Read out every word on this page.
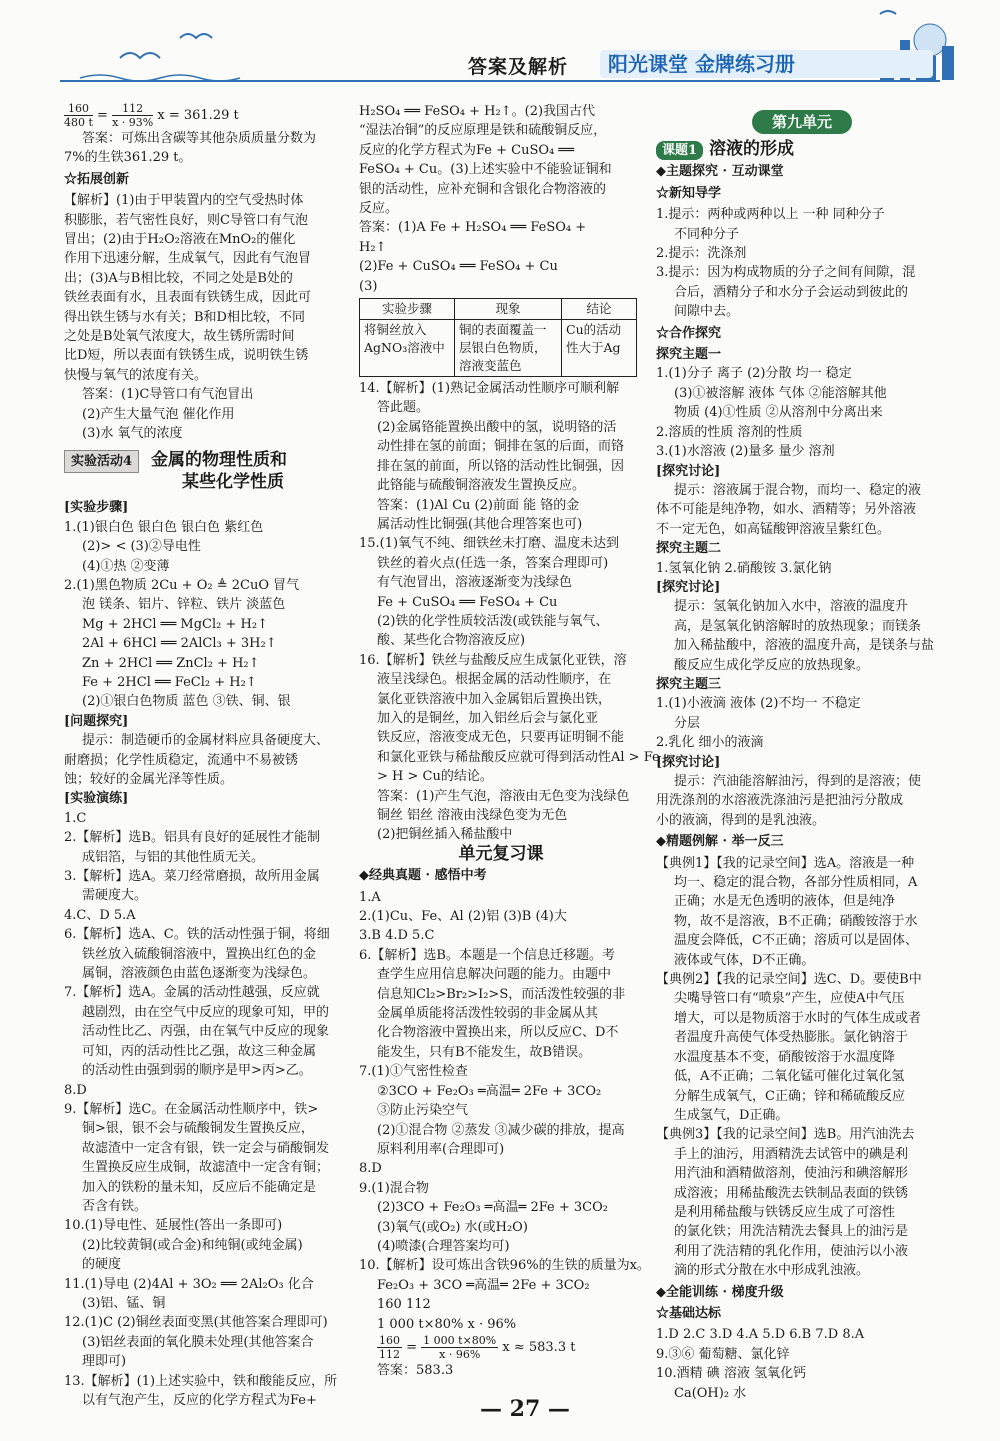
答案及解析	阳光课堂 金牌练习册
$\frac{160}{480 t} = \frac{112}{x \cdot 93\%}$ x = 361.29 t
答案：可炼出含碳等其他杂质质量分数为
7%的生铁361.29 t。
☆拓展创新
【解析】(1)由于甲装置内的空气受热时体
积膨胀，若气密性良好，则C导管口有气泡
冒出；(2)由于H₂O₂溶液在MnO₂的催化
作用下迅速分解，生成氧气，因此有气泡冒
出；(3)A与B相比较，不同之处是B处的
铁丝表面有水，且表面有铁锈生成，因此可
得出铁生锈与水有关；B和D相比较，不同
之处是B处氧气浓度大，故生锈所需时间
比D短，所以表面有铁锈生成，说明铁生锈
快慢与氧气的浓度有关。
答案：(1)C导管口有气泡冒出
(2)产生大量气泡 催化作用
(3)水 氧气的浓度
实验活动4 金属的物理性质和
某些化学性质
[实验步骤]
1.(1)银白色 银白色 银白色 紫红色
(2)> < (3)②导电性
(4)①热 ②变薄
2.(1)黑色物质 2Cu + O₂ ≜ 2CuO 冒气
泡 镁条、铝片、锌粒、铁片 淡蓝色
Mg + 2HCl ══ MgCl₂ + H₂↑
2Al + 6HCl ══ 2AlCl₃ + 3H₂↑
Zn + 2HCl ══ ZnCl₂ + H₂↑
Fe + 2HCl ══ FeCl₂ + H₂↑
(2)①银白色物质 蓝色 ③铁、铜、银
[问题探究]
提示：制造硬币的金属材料应具备硬度大、
耐磨损；化学性质稳定，流通中不易被锈
蚀；较好的金属光泽等性质。
[实验演练]
1.C
2.【解析】选B。铝具有良好的延展性才能制
成铝箔，与铝的其他性质无关。
3.【解析】选A。菜刀经常磨损，故所用金属
需硬度大。
4.C、D 5.A
6.【解析】选A、C。铁的活动性强于铜，将细
铁丝放入硫酸铜溶液中，置换出红色的金
属铜，溶液颜色由蓝色逐渐变为浅绿色。
7.【解析】选A。金属的活动性越强，反应就
越剧烈，由在空气中反应的现象可知，甲的
活动性比乙、丙强，由在氧气中反应的现象
可知，丙的活动性比乙强，故这三种金属
的活动性由强到弱的顺序是甲>丙>乙。
8.D
9.【解析】选C。在金属活动性顺序中，铁>
铜>银，银不会与硫酸铜发生置换反应，
故滤渣中一定含有银，铁一定会与硝酸铜发
生置换反应生成铜，故滤渣中一定含有铜；
加入的铁粉的量未知，反应后不能确定是
否含有铁。
10.(1)导电性、延展性(答出一条即可)
(2)比较黄铜(或合金)和纯铜(或纯金属)
的硬度
11.(1)导电 (2)4Al + 3O₂ ══ 2Al₂O₃ 化合
(3)铝、锰、铜
12.(1)C (2)铜丝表面变黑(其他答案合理即可)
(3)铝丝表面的氧化膜未处理(其他答案合
理即可)
13.【解析】(1)上述实验中，铁和酸能反应，所
以有气泡产生，反应的化学方程式为Fe+
H₂SO₄ ══ FeSO₄ + H₂↑。(2)我国古代
“湿法冶铜”的反应原理是铁和硫酸铜反应，
反应的化学方程式为Fe + CuSO₄ ══
FeSO₄ + Cu。(3)上述实验中不能验证铜和
银的活动性，应补充铜和含银化合物溶液的
反应。
答案：(1)A Fe + H₂SO₄ ══ FeSO₄ +
H₂↑
(2)Fe + CuSO₄ ══ FeSO₄ + Cu
(3)
实验步骤	现象	结论
将铜丝放入AgNO₃溶液中	铜的表面覆盖一层银白色物质，溶液变蓝色	Cu的活动性大于Ag
14.【解析】(1)熟记金属活动性顺序可顺利解
答此题。
(2)金属铬能置换出酸中的氢，说明铬的活
动性排在氢的前面；铜排在氢的后面，而铬
排在氢的前面，所以铬的活动性比铜强，因
此铬能与硫酸铜溶液发生置换反应。
答案：(1)Al Cu (2)前面 能 铬的金
属活动性比铜强(其他合理答案也可)
15.(1)氧气不纯、细铁丝未打磨、温度未达到
铁丝的着火点(任选一条，答案合理即可)
有气泡冒出，溶液逐渐变为浅绿色
Fe + CuSO₄ ══ FeSO₄ + Cu
(2)铁的化学性质较活泼(或铁能与氧气、
酸、某些化合物溶液反应)
16.【解析】铁丝与盐酸反应生成氯化亚铁，溶
液呈浅绿色。根据金属的活动性顺序，在
氯化亚铁溶液中加入金属铝后置换出铁，
加入的是铜丝，加入铝丝后会与氯化亚
铁反应，溶液变成无色，只要再证明铜不能
和氯化亚铁与稀盐酸反应就可得到活动性Al > Fe
> H > Cu的结论。
答案：(1)产生气泡，溶液由无色变为浅绿色
铜丝 铝丝 溶液由浅绿色变为无色
(2)把铜丝插入稀盐酸中
单元复习课
◆经典真题 · 感悟中考
1.A
2.(1)Cu、Fe、Al (2)铝 (3)B (4)大
3.B 4.D 5.C
6.【解析】选B。本题是一个信息迁移题。考
查学生应用信息解决问题的能力。由题中
信息知Cl₂>Br₂>I₂>S，而活泼性较强的非
金属单质能将活泼性较弱的非金属从其
化合物溶液中置换出来，所以反应C、D不
能发生，只有B不能发生，故B错误。
7.(1)①气密性检查
②3CO + Fe₂O₃ ═高温═ 2Fe + 3CO₂
③防止污染空气
(2)①混合物 ②蒸发 ③减少碳的排放，提高
原料利用率(合理即可)
8.D
9.(1)混合物
(2)3CO + Fe₂O₃ ═高温═ 2Fe + 3CO₂
(3)氧气(或O₂) 水(或H₂O)
(4)喷漆(合理答案均可)
10.【解析】设可炼出含铁96%的生铁的质量为x。
Fe₂O₃ + 3CO ═高温═ 2Fe + 3CO₂
160 112
1 000 t×80% x · 96%
$\frac{160}{112} = \frac{1 000 t\times 80\%}{x \cdot 96\%}$ x ≈ 583.3 t
答案：583.3
第九单元
课题1 溶液的形成
◆主题探究 · 互动课堂
☆新知导学
1.提示：两种或两种以上 一种 同种分子
不同种分子
2.提示：洗涤剂
3.提示：因为构成物质的分子之间有间隙，混
合后，酒精分子和水分子会运动到彼此的
间隙中去。
☆合作探究
探究主题一
1.(1)分子 离子 (2)分散 均一 稳定
(3)①被溶解 液体 气体 ②能溶解其他
物质 (4)①性质 ②从溶剂中分离出来
2.溶质的性质 溶剂的性质
3.(1)水溶液 (2)量多 量少 溶剂
[探究讨论]
提示：溶液属于混合物，而均一、稳定的液
体不可能是纯净物，如水、酒精等；另外溶液
不一定无色，如高锰酸钾溶液呈紫红色。
探究主题二
1.氢氧化钠 2.硝酸铵 3.氯化钠
[探究讨论]
提示：氢氧化钠加入水中，溶液的温度升
高，是氢氧化钠溶解时的放热现象；而镁条
加入稀盐酸中，溶液的温度升高，是镁条与盐
酸反应生成化学反应的放热现象。
探究主题三
1.(1)小液滴 液体 (2)不均一 不稳定
分层
2.乳化 细小的液滴
[探究讨论]
提示：汽油能溶解油污，得到的是溶液；使
用洗涤剂的水溶液洗涤油污是把油污分散成
小的液滴，得到的是乳浊液。
◆精题例解 · 举一反三
【典例1】【我的记录空间】选A。溶液是一种
均一、稳定的混合物，各部分性质相同，A
正确；水是无色透明的液体，但是纯净
物，故不是溶液，B不正确；硝酸铵溶于水
温度会降低，C不正确；溶质可以是固体、
液体或气体，D不正确。
【典例2】【我的记录空间】选C、D。要使B中
尖嘴导管口有“喷泉”产生，应使A中气压
增大，可以是物质溶于水时的气体生成或者
者温度升高使气体受热膨胀。氯化钠溶于
水温度基本不变，硝酸铵溶于水温度降
低，A不正确；二氧化锰可催化过氧化氢
分解生成氧气，C正确；锌和稀硫酸反应
生成氢气，D正确。
【典例3】【我的记录空间】选B。用汽油洗去
手上的油污，用酒精洗去试管中的碘是利
用汽油和酒精做溶剂，使油污和碘溶解形
成溶液；用稀盐酸洗去铁制品表面的铁锈
是利用稀盐酸与铁锈反应生成了可溶性
的氯化铁；用洗洁精洗去餐具上的油污是
利用了洗洁精的乳化作用，使油污以小液
滴的形式分散在水中形成乳浊液。
◆全能训练 · 梯度升级
☆基础达标
1.D 2.C 3.D 4.A 5.D 6.B 7.D 8.A
9.③⑥ 葡萄糖、氯化锌
10.酒精 碘 溶液 氢氧化钙
Ca(OH)₂ 水
— 27 —
